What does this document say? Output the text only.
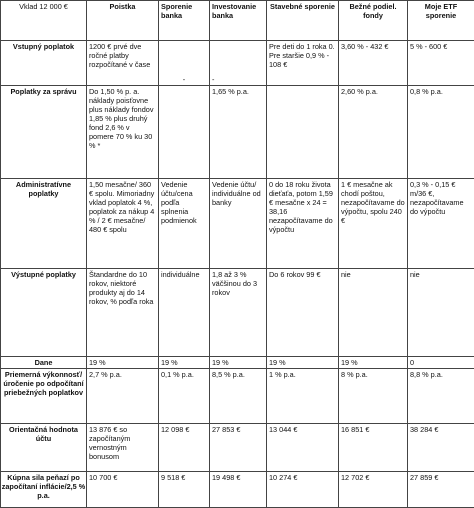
Vklad 12 000 €	Poistka	Sporenie banka	Investovanie banka	Stavebné sporenie	Bežné podiel. fondy	Moje ETF sporenie
Vstupný poplatok	1200 € prvé dve ročné platby rozpočítané v čase	-	-	Pre deti do 1 roka 0. Pre staršie 0,9 % - 108 €	3,60 % - 432 €	5 % - 600 €
Poplatky za správu	Do 1,50 % p. a. náklady poisťovne plus náklady fondov 1,85 % plus druhý fond 2,6 % v pomere 70 % ku 30 % *		1,65 % p.a.		2,60 % p.a.	0,8 % p.a.
Administratívne poplatky	1,50 mesačne/ 360 € spolu. Mimoriadny vklad poplatok 4 %, poplatok za nákup 4 % / 2 € mesačne/ 480 € spolu	Vedenie účtu/cena podľa splnenia podmienok	Vedenie účtu/ individuálne od banky	0 do 18 roku života dieťaťa, potom 1,59 € mesačne x 24 = 38,16 nezapočítavame do výpočtu	1 € mesačne ak chodí poštou, nezapočítavame do výpočtu, spolu 240 €	0,3 % - 0,15 € m/36 €, nezapočítavame do výpočtu
Výstupné poplatky	Štandardne do 10 rokov, niektoré produkty aj do 14 rokov, % podľa roka	individuálne	1,8 až 3 % väčšinou do 3 rokov	Do 6 rokov 99 €	nie	nie
Dane	19 %	19 %	19 %	19 %	19 %	0
Priemerná výkonnosť/úročenie po odpočítaní priebežných poplatkov	2,7 % p.a.	0,1 % p.a.	8,5 % p.a.	1 % p.a.	8 % p.a.	8,8 % p.a.
Orientačná hodnota účtu	13 876 € so započítaným vernostným bonusom	12 098 €	27 853 €	13 044 €	16 851 €	38 284 €
Kúpna sila peňazí po započítaní inflácie/2,5 % p.a.	10 700 €	9 518 €	19 498 €	10 274 €	12 702 €	27 859 €
